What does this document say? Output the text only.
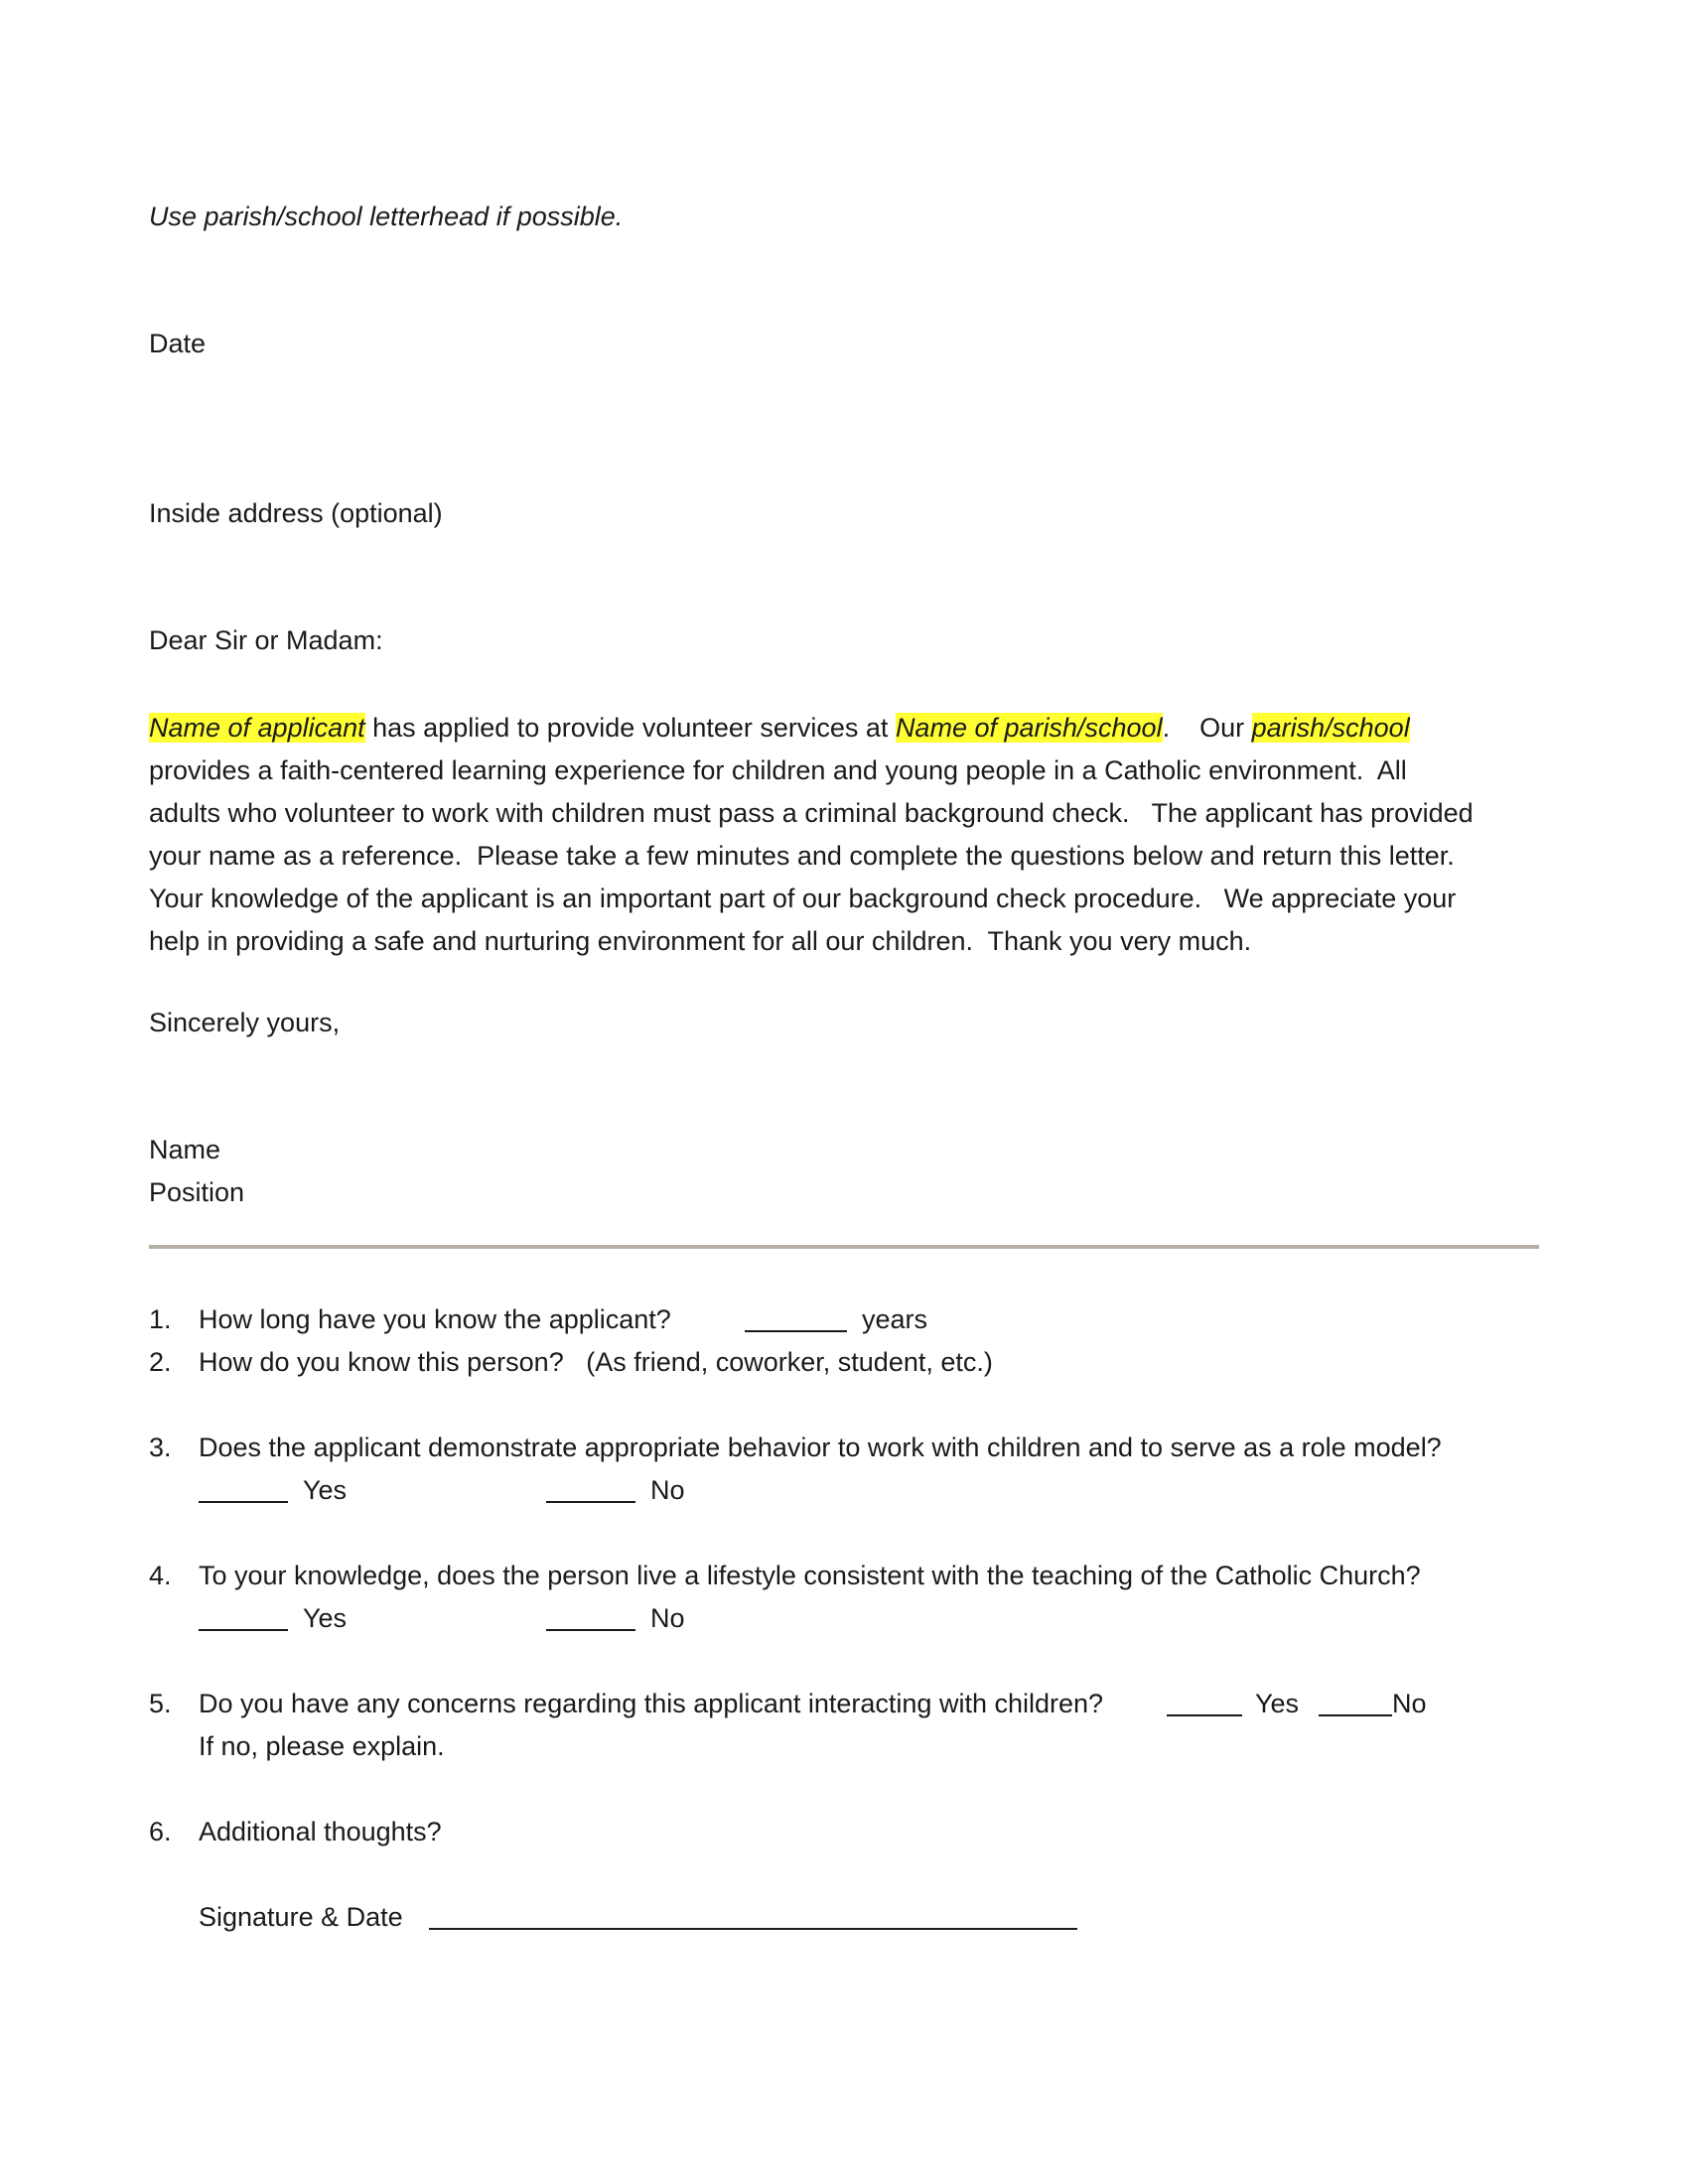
Use parish/school letterhead if possible.
Date
Inside address (optional)
Dear Sir or Madam:
Name of applicant has applied to provide volunteer services at Name of parish/school.    Our parish/school
provides a faith-centered learning experience for children and young people in a Catholic environment.  All
adults who volunteer to work with children must pass a criminal background check.   The applicant has provided
your name as a reference.  Please take a few minutes and complete the questions below and return this letter.
Your knowledge of the applicant is an important part of our background check procedure.   We appreciate your
help in providing a safe and nurturing environment for all our children.  Thank you very much.
Sincerely yours,
Name
Position
1. How long have you know the applicant?	years
2. How do you know this person?   (As friend, coworker, student, etc.)
3. Does the applicant demonstrate appropriate behavior to work with children and to serve as a role model?
Yes	No
4. To your knowledge, does the person live a lifestyle consistent with the teaching of the Catholic Church?
Yes	No
5. Do you have any concerns regarding this applicant interacting with children?	Yes	No
If no, please explain.
6. Additional thoughts?
Signature & Date
